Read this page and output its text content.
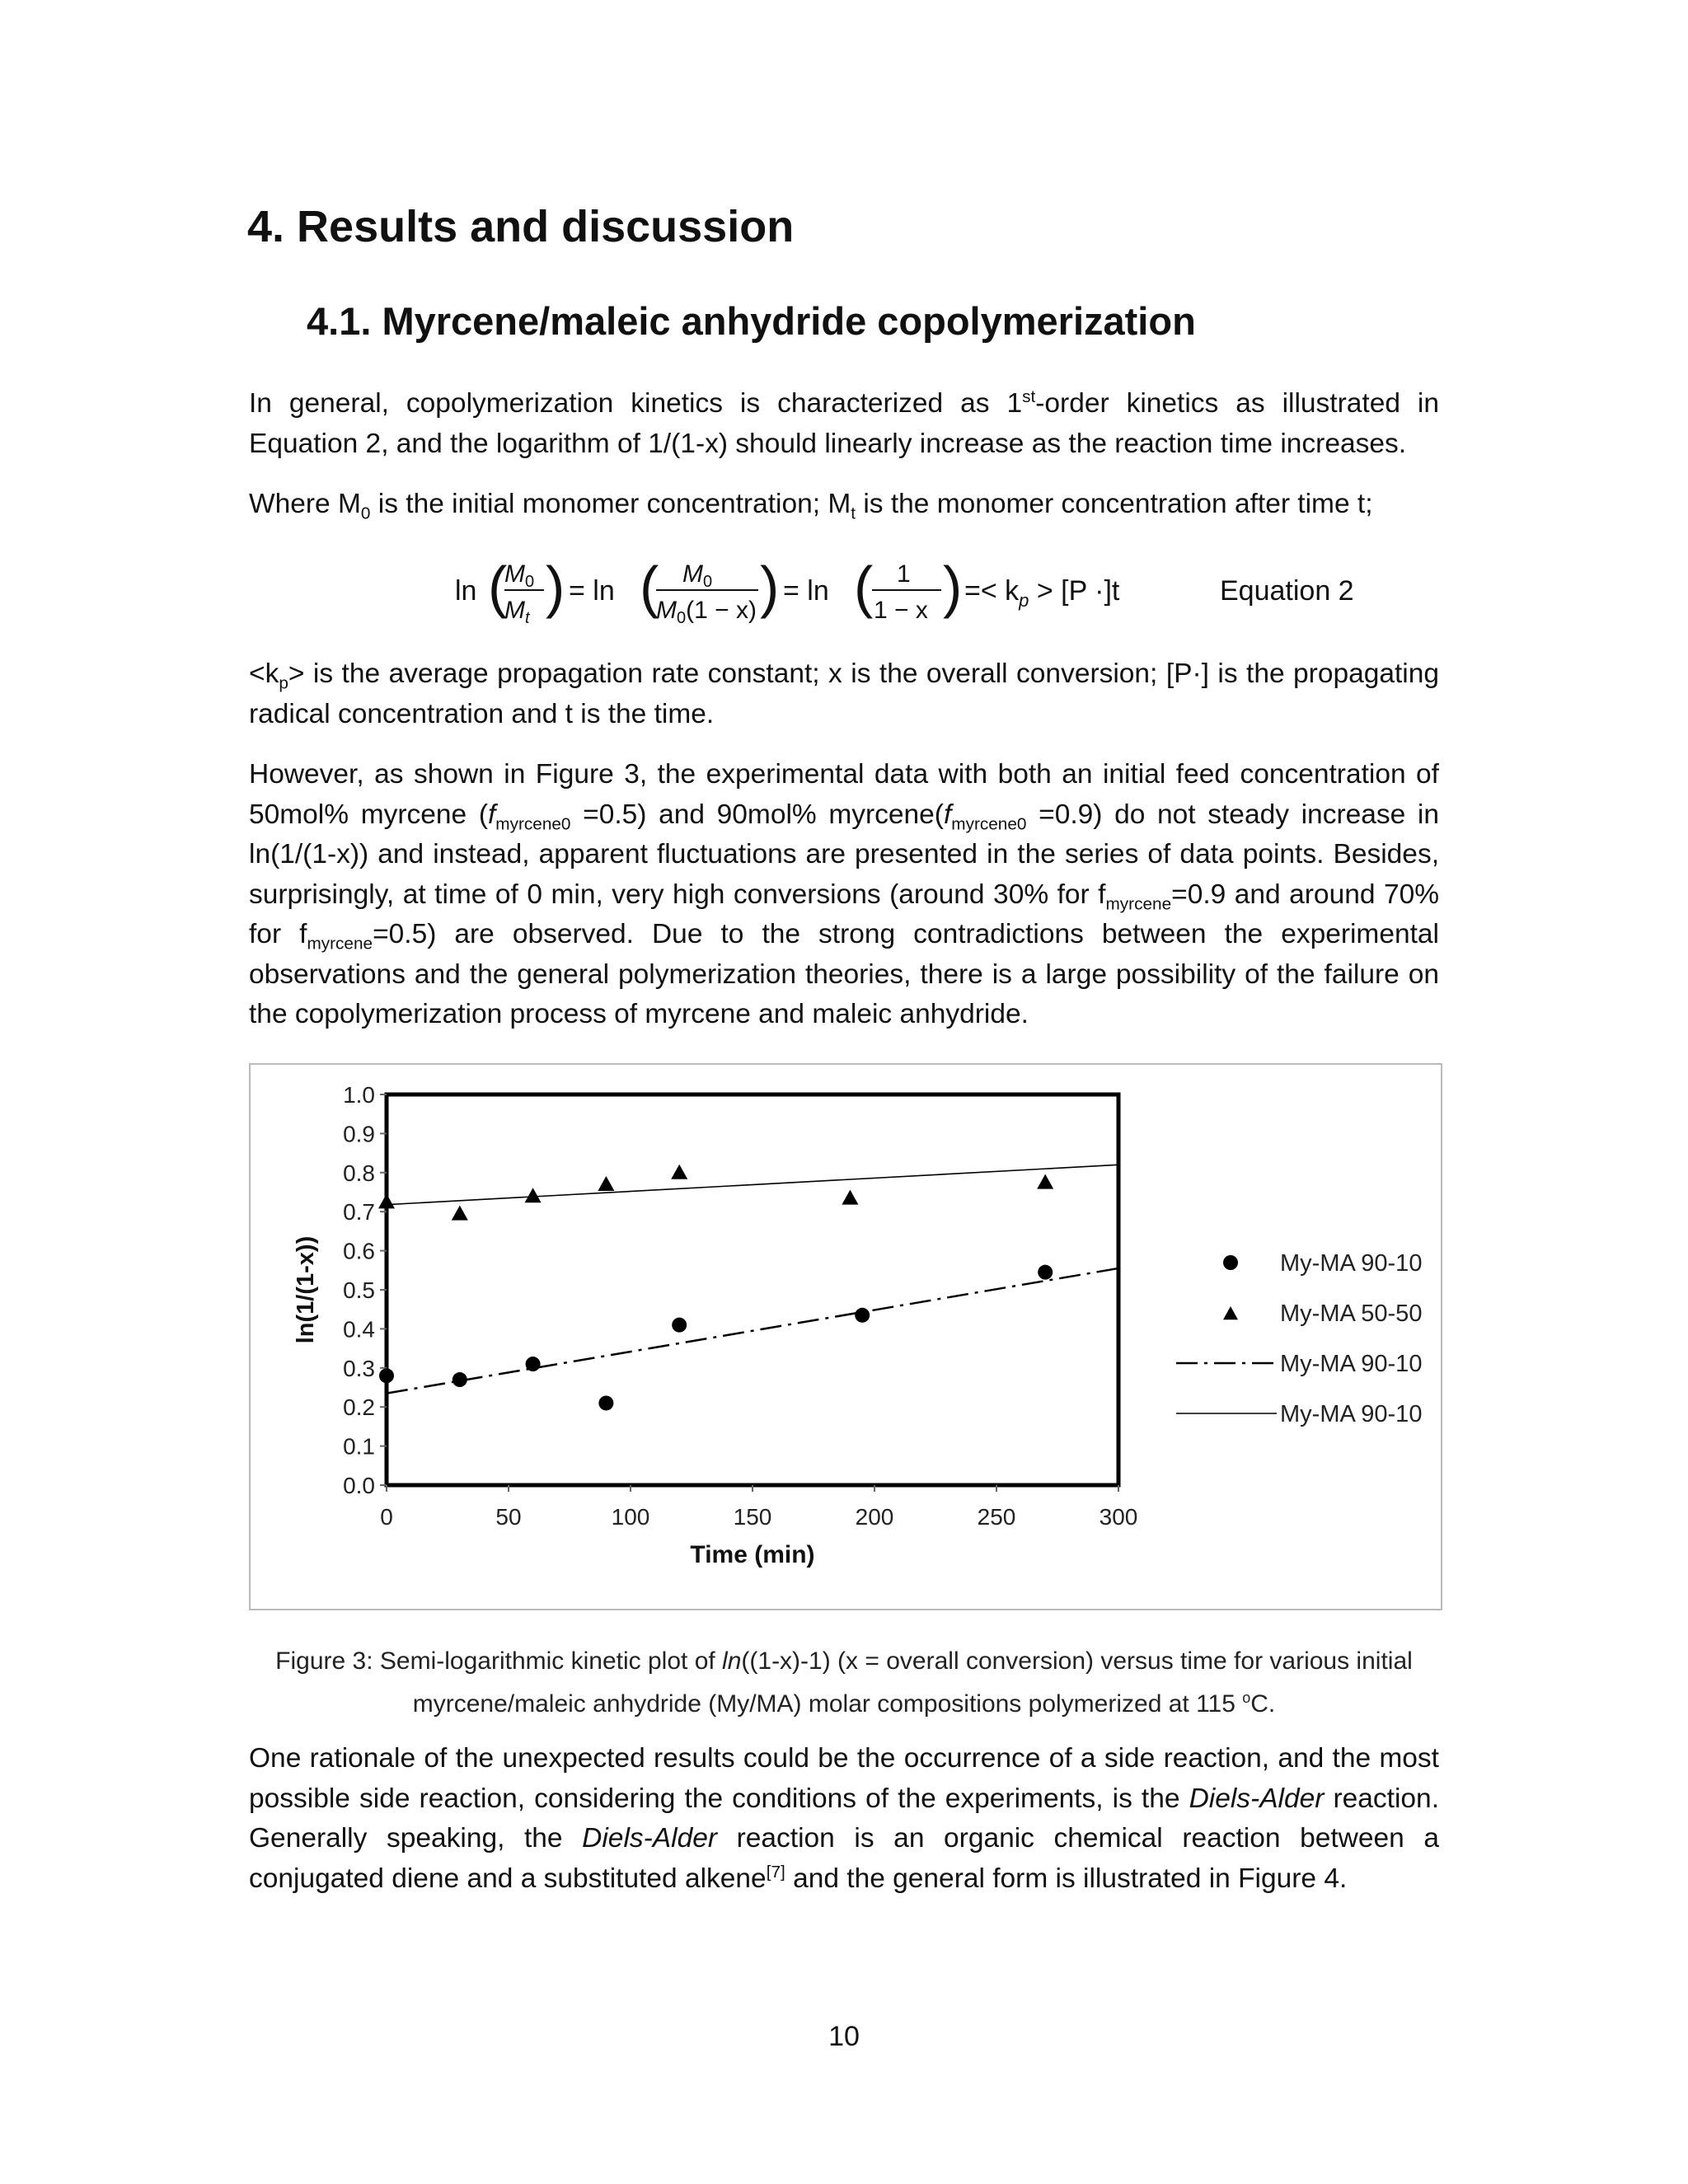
4. Results and discussion
4.1. Myrcene/maleic anhydride copolymerization

In general, copolymerization kinetics is characterized as 1st-order kinetics as illustrated in Equation 2, and the logarithm of 1/(1-x) should linearly increase as the reaction time increases.

Where $M_0$ is the initial monomer concentration; $M_t$ is the monomer concentration after time t;

ln (
$M_0$
$M_t$ ) = ln ( $M_0$
$M_0(1 - x)$ ) = ln ( 1
1 − x ) =< $k_p > [P \cdot]t$	Equation 2

$<k_p>$ is the average propagation rate constant; x is the overall conversion; [P·] is the propagating radical concentration and t is the time.

However, as shown in Figure 3, the experimental data with both an initial feed concentration of 50mol% myrcene $(f_{myrcene0} =0.5)$ and 90mol% $myrcene(f_{myrcene0} =0.9)$ do not steady increase in ln(1/(1-x)) and instead, apparent fluctuations are presented in the series of data points. Besides, surprisingly, at time of 0 min, very high conversions (around 30% for $f_{myrcene}=0.9$ and around 70% for $f_{myrcene}=0.5$) are observed. Due to the strong contradictions between the experimental observations and the general polymerization theories, there is a large possibility of the failure on the copolymerization process of myrcene and maleic anhydride.

0.0
0.1
0.2
0.3
0.4
0.5
0.6
0.7
0.8
0.9
1.0
0	50	100	150	200	250	300
Time (min)
ln(1/(1-x))	My-MA 90-10
My-MA 50-50
My-MA 90-10
My-MA 90-10

Figure 3: Semi-logarithmic kinetic plot of ln((1-x)-1) (x = overall conversion) versus time for various initial myrcene/maleic anhydride (My/MA) molar compositions polymerized at 115 $^o$C.

One rationale of the unexpected results could be the occurrence of a side reaction, and the most possible side reaction, considering the conditions of the experiments, is the Diels-Alder reaction. Generally speaking, the Diels-Alder reaction is an organic chemical reaction between a conjugated diene and a substituted alkene[7] and the general form is illustrated in Figure 4.

10
